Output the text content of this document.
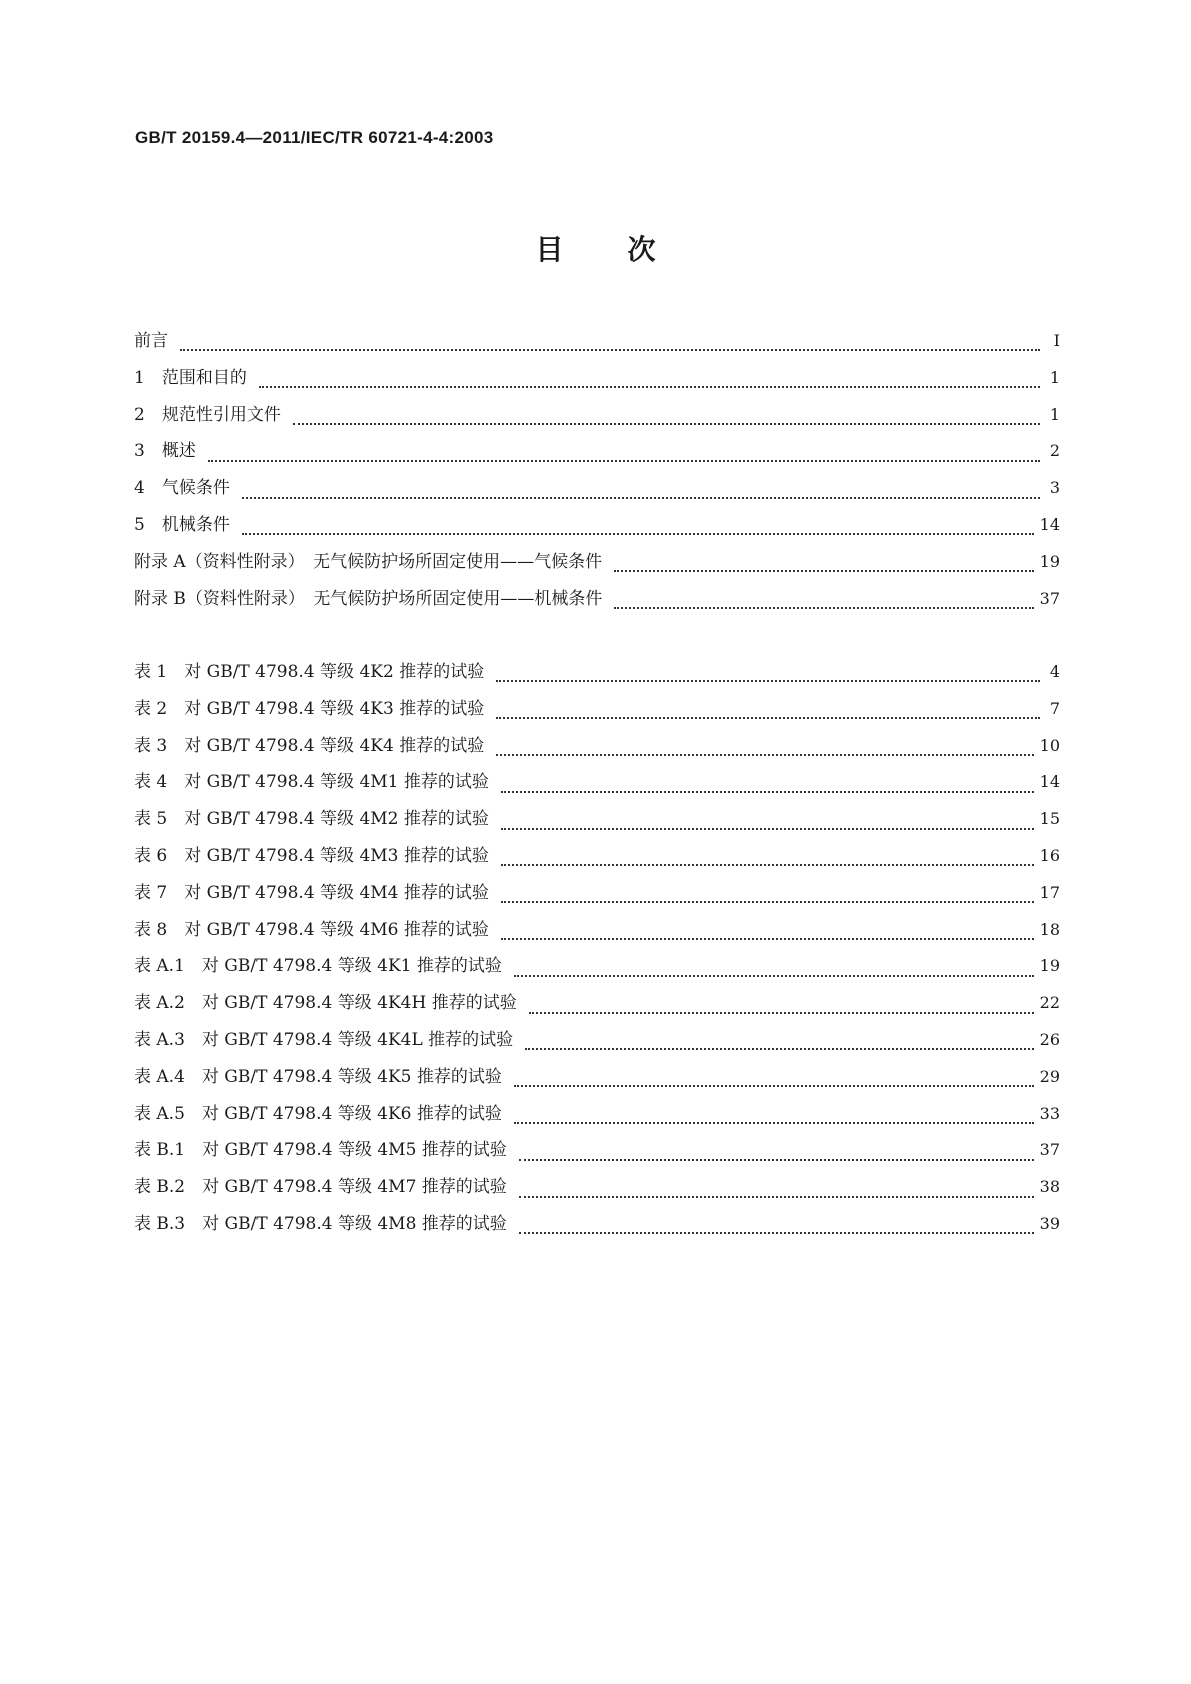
GB/T 20159.4—2011/IEC/TR 60721-4-4:2003
目次
前言	Ⅰ
1　范围和目的	1
2　规范性引用文件	1
3　概述	2
4　气候条件	3
5　机械条件	14
附录 A（资料性附录）　无气候防护场所固定使用——气候条件	19
附录 B（资料性附录）　无气候防护场所固定使用——机械条件	37
表 1　对 GB/T 4798.4 等级 4K2 推荐的试验	4
表 2　对 GB/T 4798.4 等级 4K3 推荐的试验	7
表 3　对 GB/T 4798.4 等级 4K4 推荐的试验	10
表 4　对 GB/T 4798.4 等级 4M1 推荐的试验	14
表 5　对 GB/T 4798.4 等级 4M2 推荐的试验	15
表 6　对 GB/T 4798.4 等级 4M3 推荐的试验	16
表 7　对 GB/T 4798.4 等级 4M4 推荐的试验	17
表 8　对 GB/T 4798.4 等级 4M6 推荐的试验	18
表 A.1　对 GB/T 4798.4 等级 4K1 推荐的试验	19
表 A.2　对 GB/T 4798.4 等级 4K4H 推荐的试验	22
表 A.3　对 GB/T 4798.4 等级 4K4L 推荐的试验	26
表 A.4　对 GB/T 4798.4 等级 4K5 推荐的试验	29
表 A.5　对 GB/T 4798.4 等级 4K6 推荐的试验	33
表 B.1　对 GB/T 4798.4 等级 4M5 推荐的试验	37
表 B.2　对 GB/T 4798.4 等级 4M7 推荐的试验	38
表 B.3　对 GB/T 4798.4 等级 4M8 推荐的试验	39
